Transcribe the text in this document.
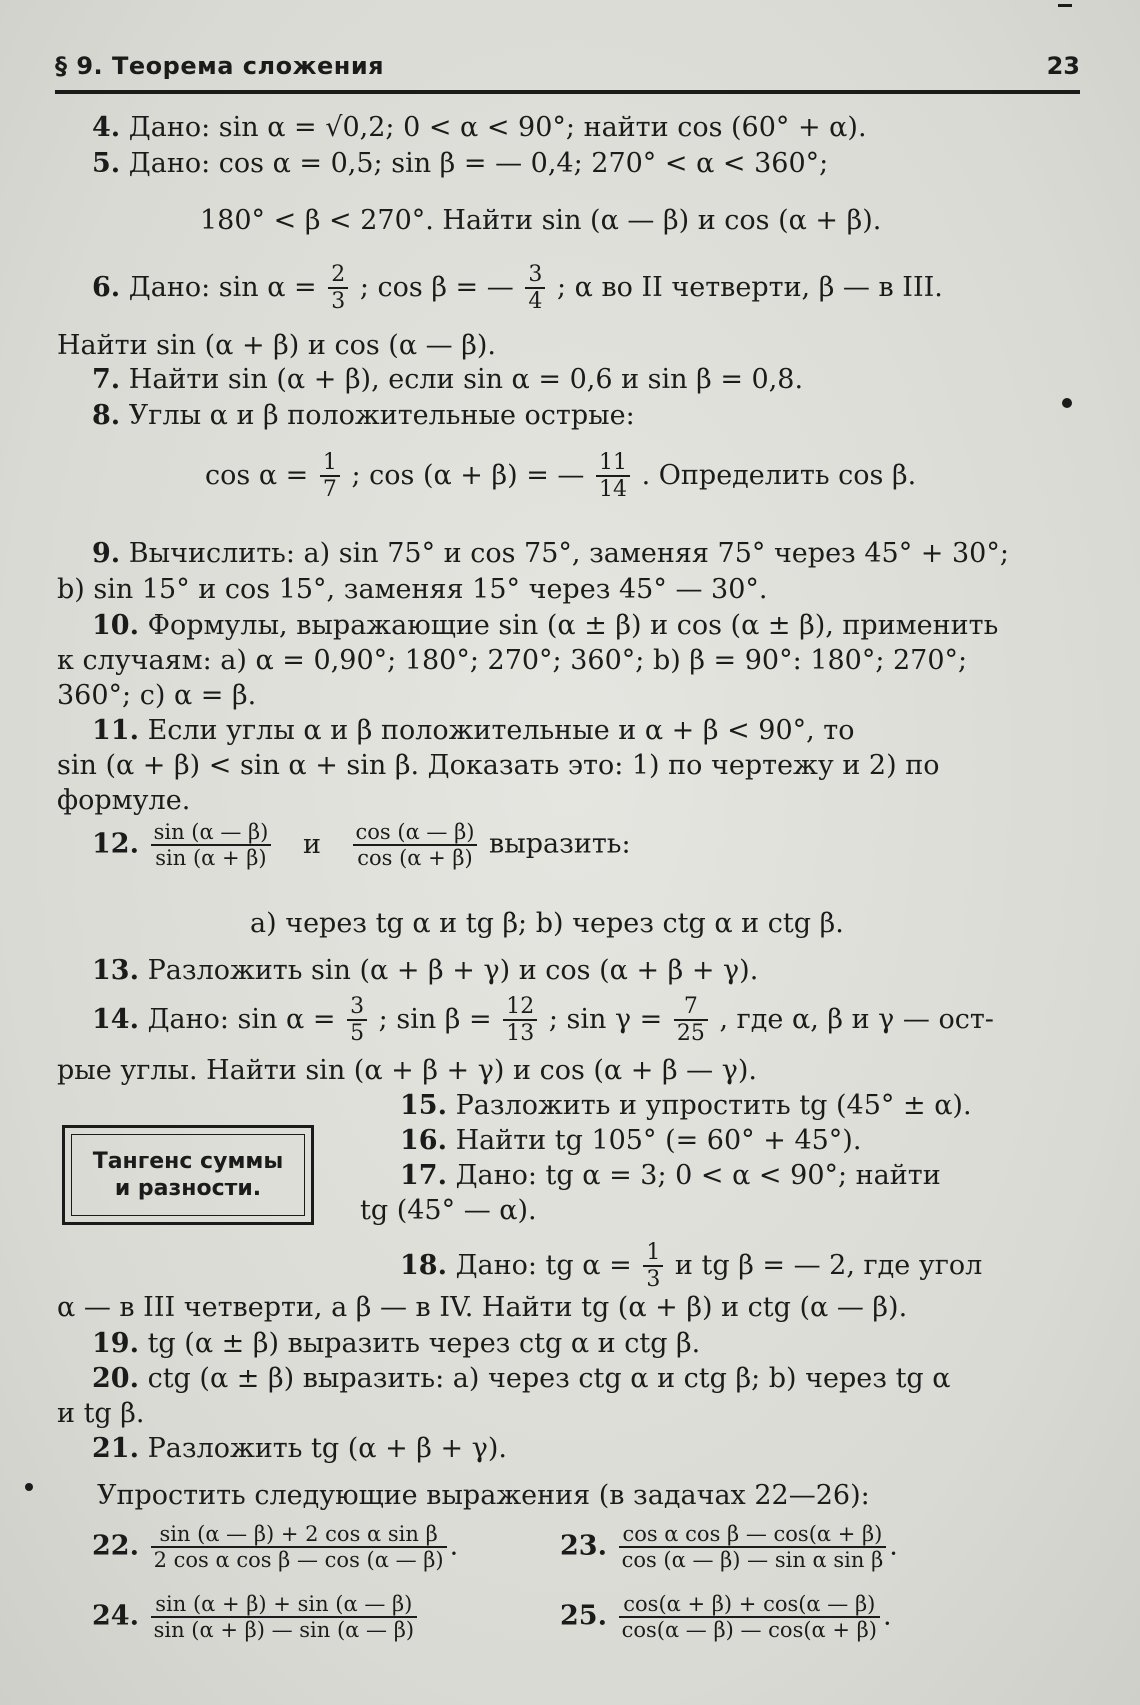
§ 9. Теорема сложения	23
4. Дано: sin α = √0,2; 0 < α < 90°; найти cos (60° + α).
5. Дано: cos α = 0,5; sin β = — 0,4; 270° < α < 360°;
180° < β < 270°. Найти sin (α — β) и cos (α + β).
6. Дано: $\sin \alpha = \frac{2}{3}$ ; cos β = — $\frac{3}{4}$ ; α во II четверти, β — в III.
Найти sin (α + β) и cos (α — β).
7. Найти sin (α + β), если sin α = 0,6 и sin β = 0,8.
8. Углы α и β положительные острые:
$\cos \alpha = \frac{1}{7}$ ; cos (α + β) = — $\frac{11}{14}$ . Определить cos β.
9. Вычислить: a) sin 75° и cos 75°, заменяя 75° через 45° + 30°;
b) sin 15° и cos 15°, заменяя 15° через 45° — 30°.
10. Формулы, выражающие sin (α ± β) и cos (α ± β), применить
к случаям: a) α = 0,90°; 180°; 270°; 360°; b) β = 90°: 180°; 270°;
360°; c) α = β.
11. Если углы α и β положительные и α + β < 90°, то
sin (α + β) < sin α + sin β. Доказать это: 1) по чертежу и 2) по
формуле.
12. $\frac{\sin (\alpha — \beta)}{\sin (\alpha + \beta)}$ и $\frac{\cos (\alpha — \beta)}{\cos (\alpha + \beta)}$ выразить:
a) через tg α и tg β; b) через ctg α и ctg β.
13. Разложить sin (α + β + γ) и cos (α + β + γ).
14. Дано: $\sin \alpha = \frac{3}{5}$ ; $\sin \beta = \frac{12}{13}$ ; $\sin \gamma = \frac{7}{25}$ , где α, β и γ — ост-
рые углы. Найти sin (α + β + γ) и cos (α + β — γ).
Тангенс суммы
и разности.
15. Разложить и упростить tg (45° ± α).
16. Найти tg 105° (= 60° + 45°).
17. Дано: tg α = 3; 0 < α < 90°; найти
tg (45° — α).
18. Дано: tg $\alpha = \frac{1}{3}$ и tg β = — 2, где угол
α — в III четверти, а β — в IV. Найти tg (α + β) и ctg (α — β).
19. tg (α ± β) выразить через ctg α и ctg β.
20. ctg (α ± β) выразить: a) через ctg α и ctg β; b) через tg α
и tg β.
21. Разложить tg (α + β + γ).
Упростить следующие выражения (в задачах 22—26):
22. $\frac{\text{sin (α — β) + 2 cos α sin β}}{\text{2 cos α cos β — cos (α — β)}}$ .	23. $\frac{\text{cos α cos β — cos(α + β)}}{\text{cos (α — β) — sin α sin β}}$ .
24. $\frac{\sin (\alpha + \beta) + \sin (\alpha — \beta)}{\sin (\alpha + \beta) — \sin (\alpha — \beta)}$	25. $\frac{\cos(\alpha + \beta) + \cos(\alpha — \beta)}{\cos(\alpha — \beta) — \cos(\alpha + \beta)}$ .
